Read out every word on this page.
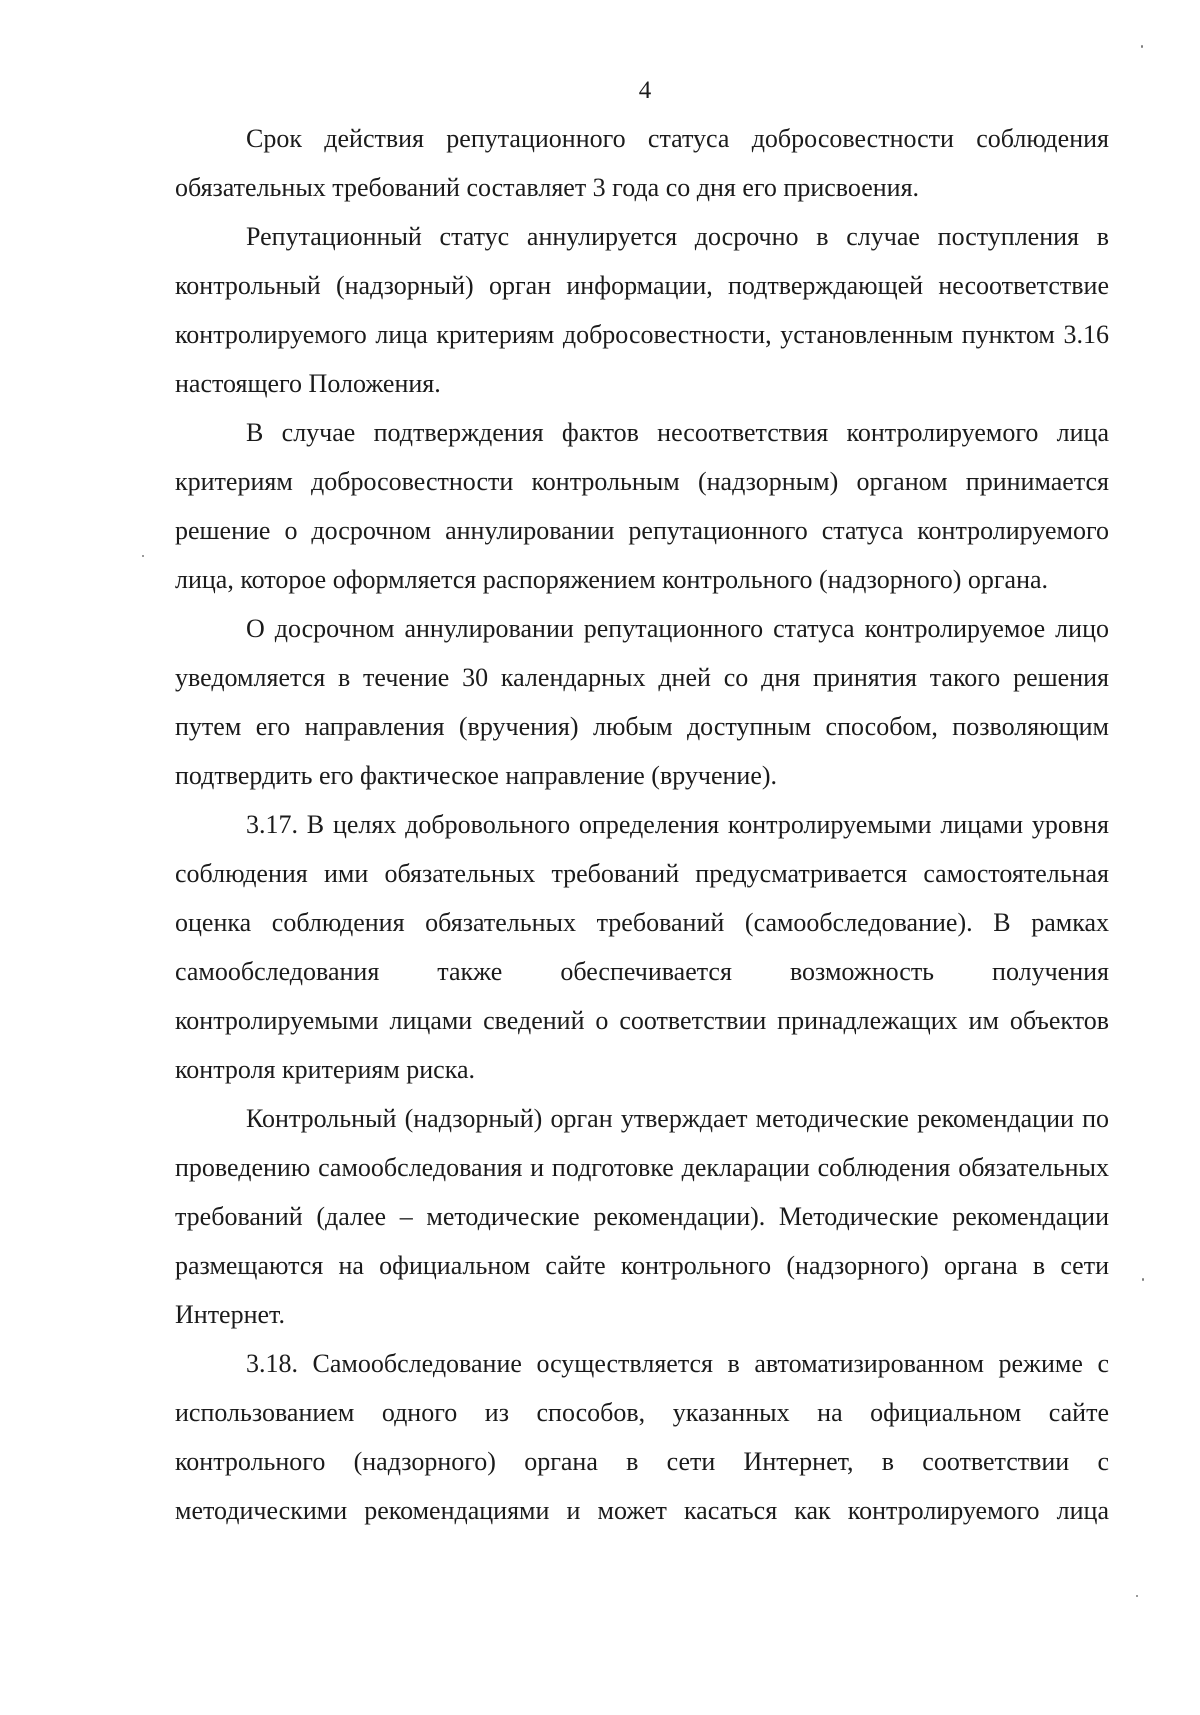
4

Срок действия репутационного статуса добросовестности соблюдения обязательных требований составляет 3 года со дня его присвоения.

Репутационный статус аннулируется досрочно в случае поступления в контрольный (надзорный) орган информации, подтверждающей несоответствие контролируемого лица критериям добросовестности, установленным пунктом 3.16 настоящего Положения.

В случае подтверждения фактов несоответствия контролируемого лица критериям добросовестности контрольным (надзорным) органом принимается решение о досрочном аннулировании репутационного статуса контролируемого лица, которое оформляется распоряжением контрольного (надзорного) органа.

О досрочном аннулировании репутационного статуса контролируемое лицо уведомляется в течение 30 календарных дней со дня принятия такого решения путем его направления (вручения) любым доступным способом, позволяющим подтвердить его фактическое направление (вручение).

3.17. В целях добровольного определения контролируемыми лицами уровня соблюдения ими обязательных требований предусматривается самостоятельная оценка соблюдения обязательных требований (самообследование). В рамках самообследования также обеспечивается возможность получения контролируемыми лицами сведений о соответствии принадлежащих им объектов контроля критериям риска.

Контрольный (надзорный) орган утверждает методические рекомендации по проведению самообследования и подготовке декларации соблюдения обязательных требований (далее – методические рекомендации). Методические рекомендации размещаются на официальном сайте контрольного (надзорного) органа в сети Интернет.

3.18. Самообследование осуществляется в автоматизированном режиме с использованием одного из способов, указанных на официальном сайте контрольного (надзорного) органа в сети Интернет, в соответствии с методическими рекомендациями и может касаться как контролируемого лица
